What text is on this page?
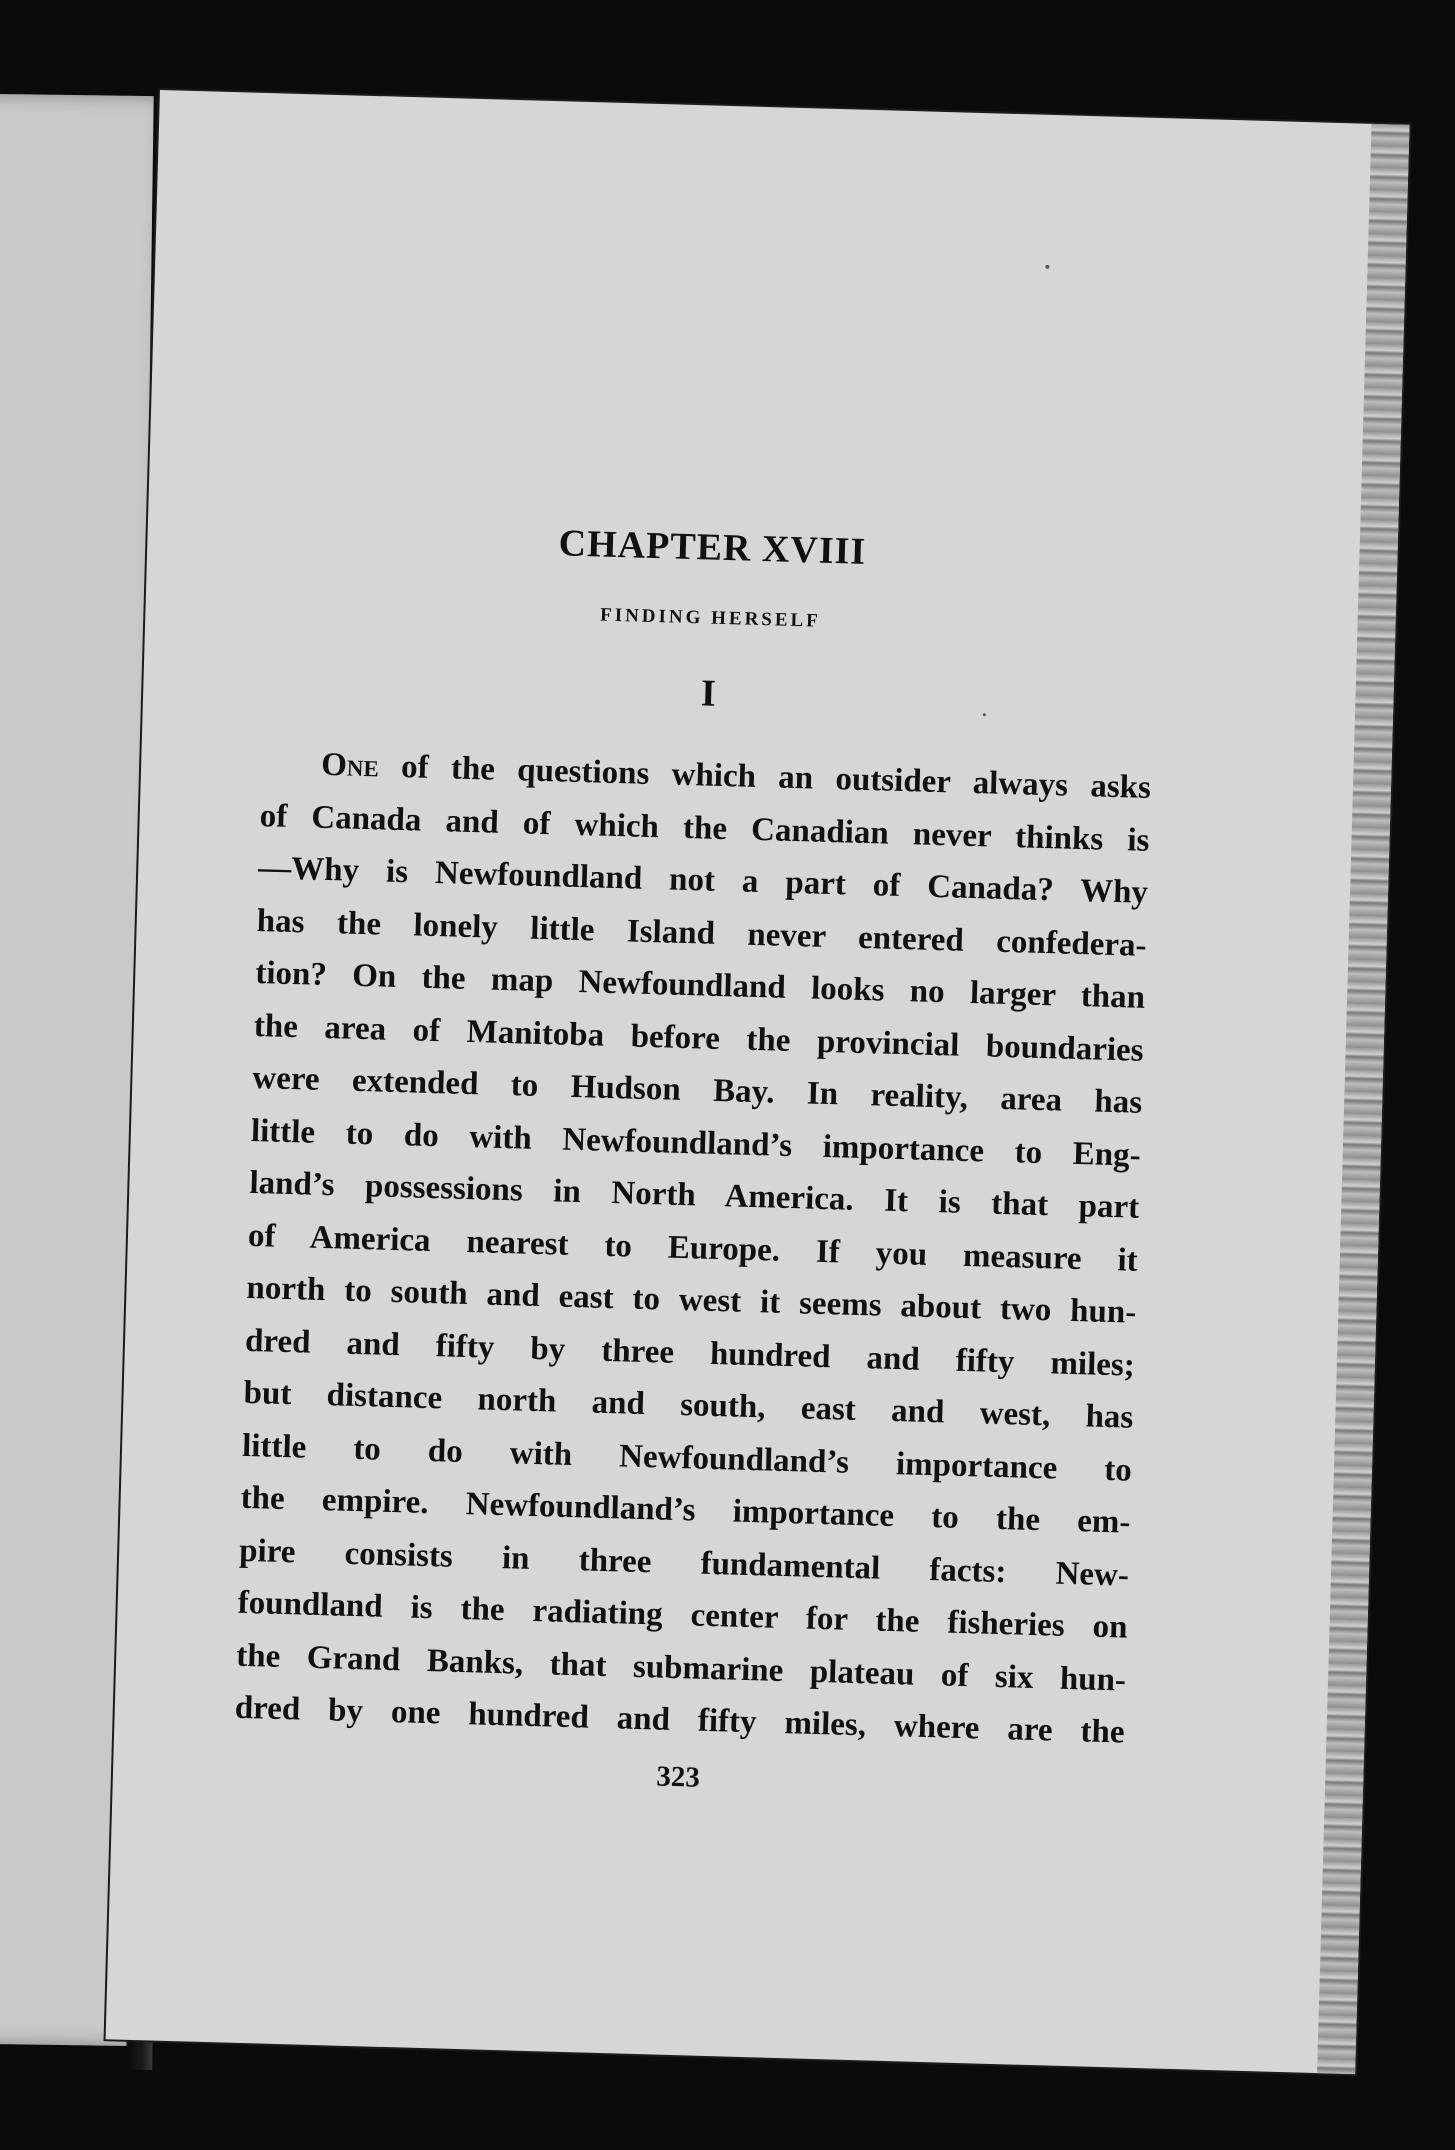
CHAPTER XVIII
FINDING HERSELF
I
One of the questions which an outsider always asks
of Canada and of which the Canadian never thinks is
—Why is Newfoundland not a part of Canada? Why
has the lonely little Island never entered confedera-
tion? On the map Newfoundland looks no larger than
the area of Manitoba before the provincial boundaries
were extended to Hudson Bay. In reality, area has
little to do with Newfoundland’s importance to Eng-
land’s possessions in North America. It is that part
of America nearest to Europe. If you measure it
north to south and east to west it seems about two hun-
dred and fifty by three hundred and fifty miles;
but distance north and south, east and west, has
little to do with Newfoundland’s importance to
the empire. Newfoundland’s importance to the em-
pire consists in three fundamental facts: New-
foundland is the radiating center for the fisheries on
the Grand Banks, that submarine plateau of six hun-
dred by one hundred and fifty miles, where are the
323
